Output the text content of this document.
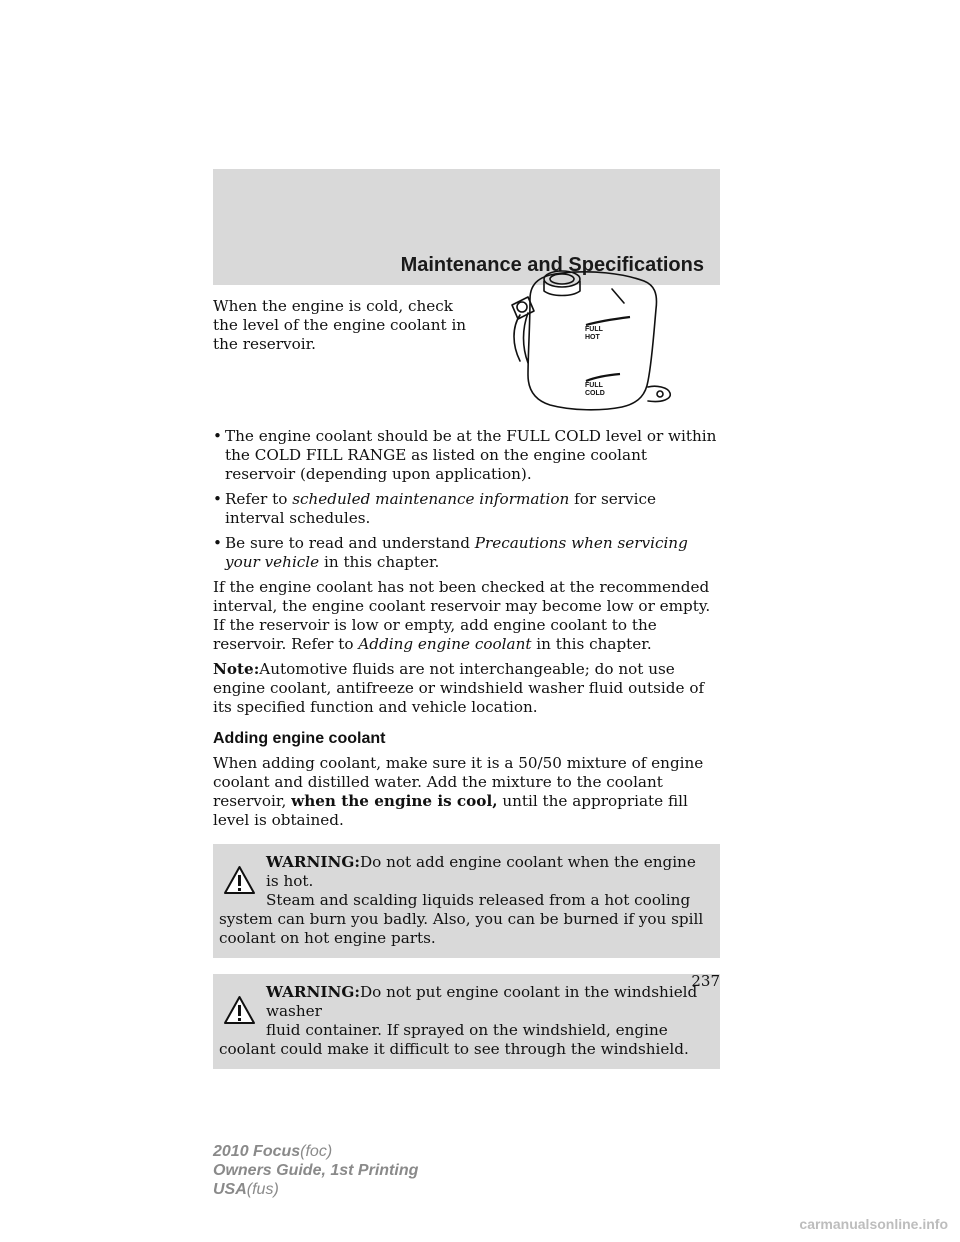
Maintenance and Specifications

When the engine is cold, check the level of the engine coolant in the reservoir.

FULL
HOT
FULL
COLD
• The engine coolant should be at the FULL COLD level or within the COLD FILL RANGE as listed on the engine coolant reservoir (depending upon application).
• Refer to scheduled maintenance information for service interval schedules.
• Be sure to read and understand Precautions when servicing your vehicle in this chapter.

If the engine coolant has not been checked at the recommended interval, the engine coolant reservoir may become low or empty. If the reservoir is low or empty, add engine coolant to the reservoir. Refer to Adding engine coolant in this chapter.

Note:Automotive fluids are not interchangeable; do not use engine coolant, antifreeze or windshield washer fluid outside of its specified function and vehicle location.

Adding engine coolant

When adding coolant, make sure it is a 50/50 mixture of engine coolant and distilled water. Add the mixture to the coolant reservoir, when the engine is cool, until the appropriate fill level is obtained.

WARNING:Do not add engine coolant when the engine is hot.
Steam and scalding liquids released from a hot cooling system can burn you badly. Also, you can be burned if you spill coolant on hot engine parts.
WARNING:Do not put engine coolant in the windshield washer
fluid container. If sprayed on the windshield, engine coolant could make it difficult to see through the windshield.
237
2010 Focus(foc)
Owners Guide, 1st Printing
USA(fus)
carmanualsonline.info
